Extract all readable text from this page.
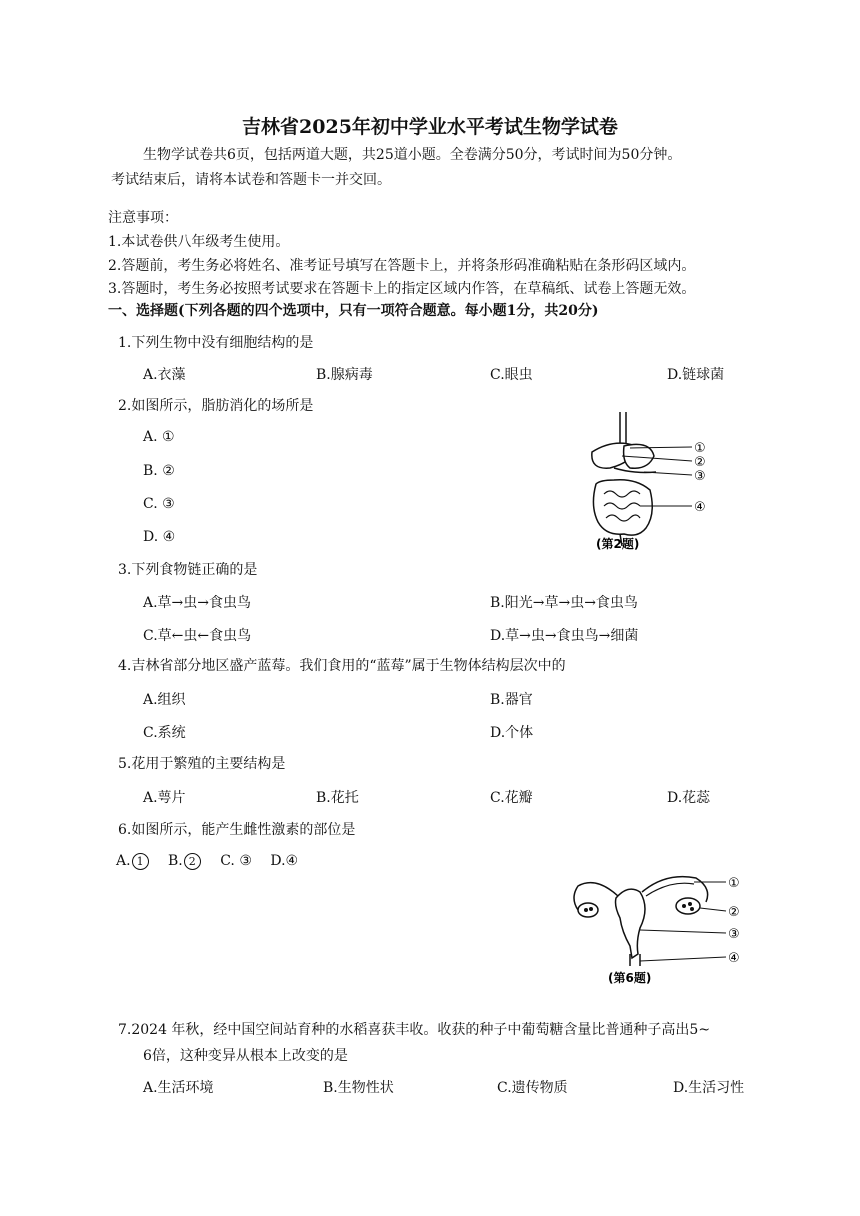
吉林省2025年初中学业水平考试生物学试卷
生物学试卷共6页，包括两道大题，共25道小题。全卷满分50分，考试时间为50分钟。
考试结束后，请将本试卷和答题卡一并交回。
注意事项：
1.本试卷供八年级考生使用。
2.答题前，考生务必将姓名、准考证号填写在答题卡上，并将条形码准确粘贴在条形码区域内。
3.答题时，考生务必按照考试要求在答题卡上的指定区域内作答，在草稿纸、试卷上答题无效。
一、选择题(下列各题的四个选项中，只有一项符合题意。每小题1分，共20分)
1.下列生物中没有细胞结构的是
A.衣藻	B.腺病毒	C.眼虫	D.链球菌
2.如图所示，脂肪消化的场所是
A. ①
B. ②
C. ③
D. ④
①
②
③
④
(第2题)
3.下列食物链正确的是
A.草→虫→食虫鸟	B.阳光→草→虫→食虫鸟
C.草←虫←食虫鸟	D.草→虫→食虫鸟→细菌
4.吉林省部分地区盛产蓝莓。我们食用的“蓝莓”属于生物体结构层次中的
A.组织	B.器官
C.系统	D.个体
5.花用于繁殖的主要结构是
A.萼片	B.花托	C.花瓣	D.花蕊
6.如图所示，能产生雌性激素的部位是
A. 1 B. 2 C. ③ D.④
①
②
③
④
(第6题)
7.2024 年秋，经中国空间站育种的水稻喜获丰收。收获的种子中葡萄糖含量比普通种子高出5~
6倍，这种变异从根本上改变的是
A.生活环境	B.生物性状	C.遗传物质	D.生活习性
